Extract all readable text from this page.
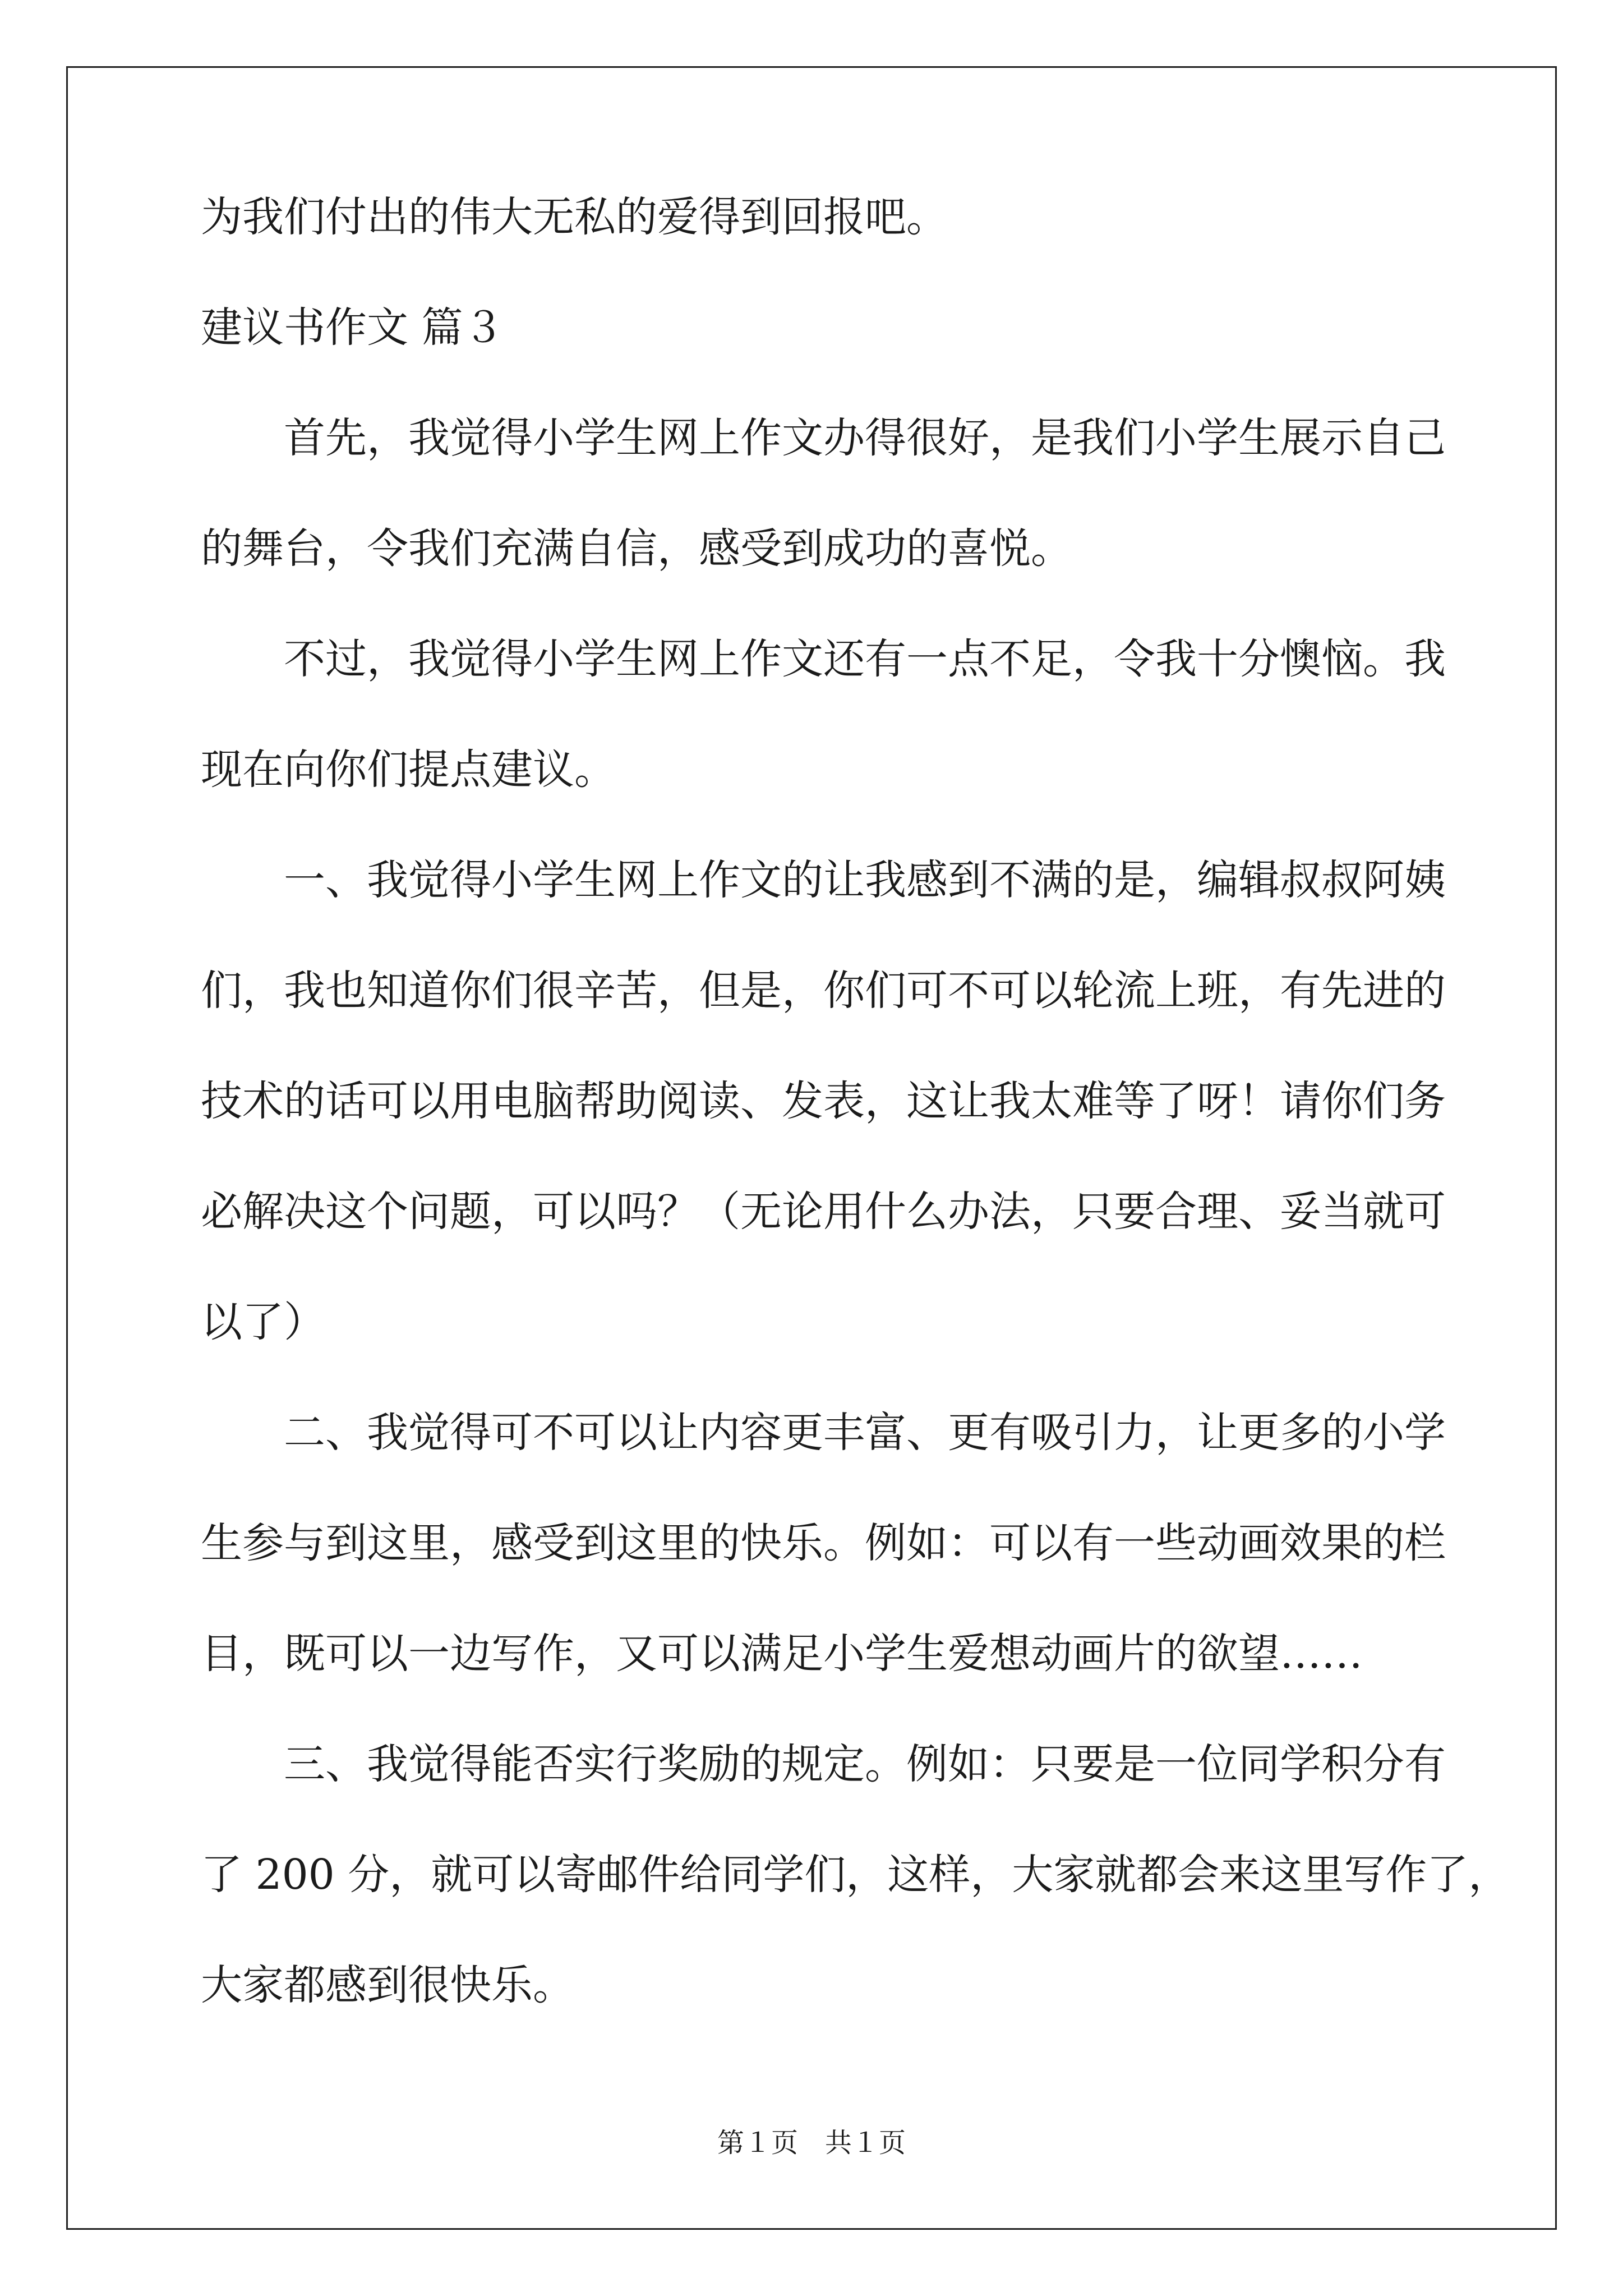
为我们付出的伟大无私的爱得到回报吧。
建议书作文 篇３
首先，我觉得小学生网上作文办得很好，是我们小学生展示自己
的舞台，令我们充满自信，感受到成功的喜悦。
不过，我觉得小学生网上作文还有一点不足，令我十分懊恼。我
现在向你们提点建议。
一、我觉得小学生网上作文的让我感到不满的是，编辑叔叔阿姨
们，我也知道你们很辛苦，但是，你们可不可以轮流上班，有先进的
技术的话可以用电脑帮助阅读、发表，这让我太难等了呀！请你们务
必解决这个问题，可以吗？（无论用什么办法，只要合理、妥当就可
以了）
二、我觉得可不可以让内容更丰富、更有吸引力，让更多的小学
生参与到这里，感受到这里的快乐。例如：可以有一些动画效果的栏
目，既可以一边写作，又可以满足小学生爱想动画片的欲望……
三、我觉得能否实行奖励的规定。例如：只要是一位同学积分有
了 200 分，就可以寄邮件给同学们，这样，大家就都会来这里写作了，
大家都感到很快乐。
第１页 共１页
